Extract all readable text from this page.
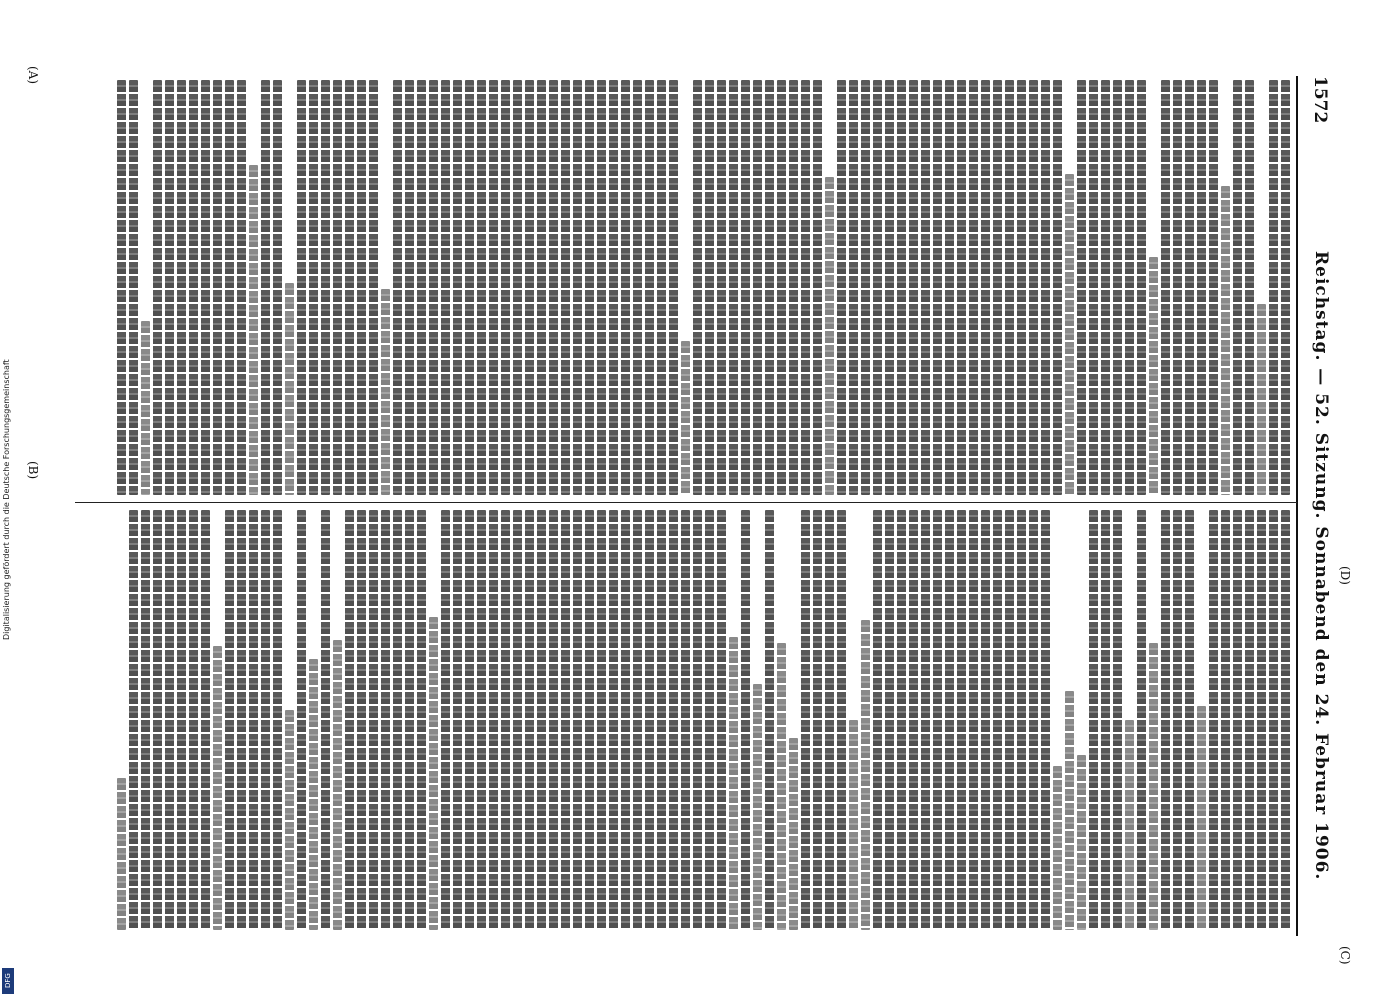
Digitalisierung gefördert durch die Deutsche Forschungsgemeinschaft
DFG
1572
Reichstag. — 52. Sitzung. Sonnabend den 24. Februar 1906.
(A)
(B)
(C)
(D)
